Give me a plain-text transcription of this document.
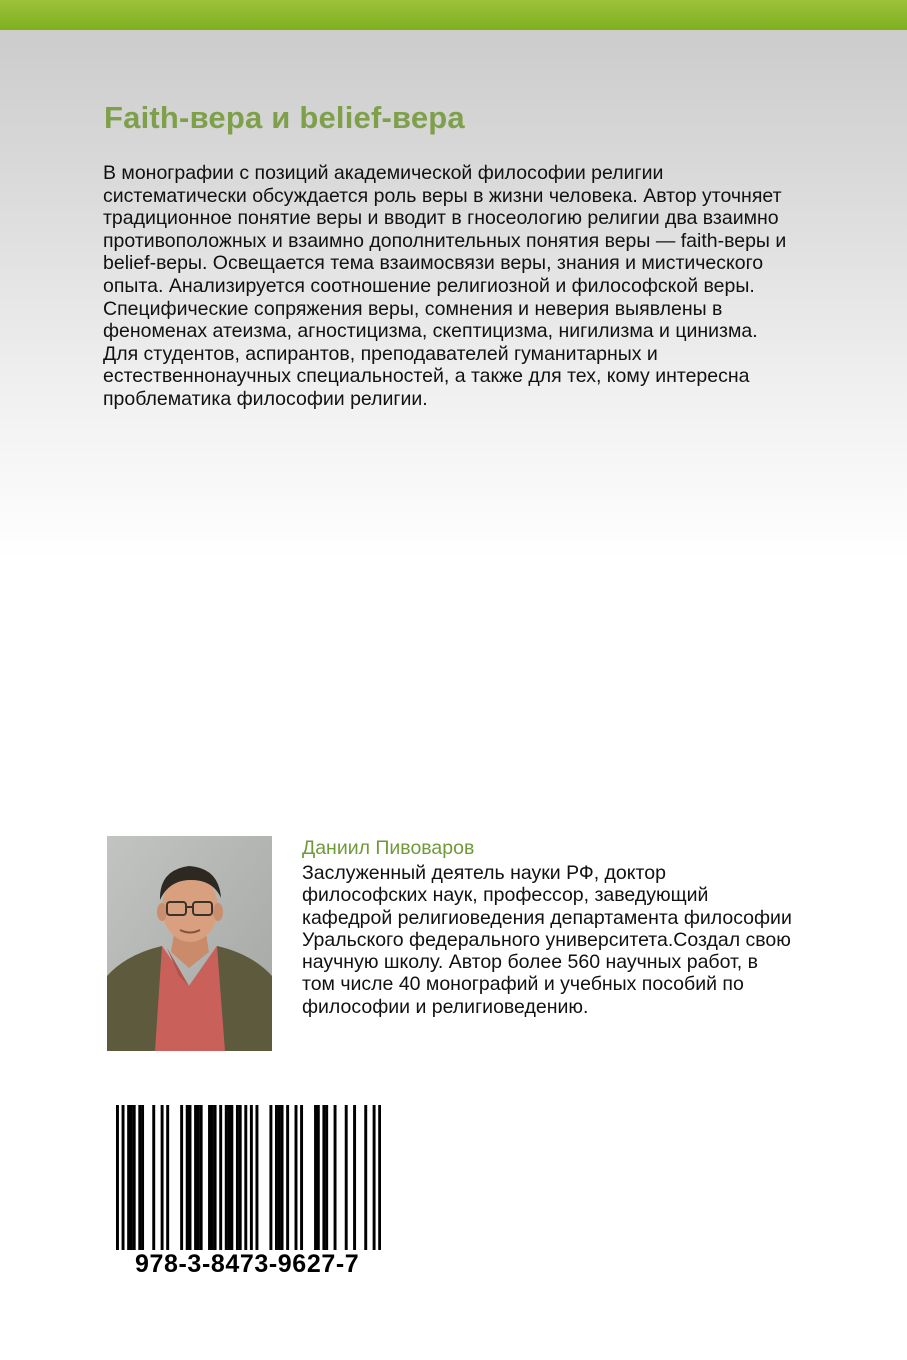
Faith-вера и belief-вера
В монографии с позиций академической философии религии
систематически обсуждается роль веры в жизни человека. Автор уточняет
традиционное понятие веры и вводит в гносеологию религии два взаимно
противоположных и взаимно дополнительных понятия веры — faith-веры и
belief-веры. Освещается тема взаимосвязи веры, знания и мистического
опыта. Анализируется соотношение религиозной и философской веры.
Специфические сопряжения веры, сомнения и неверия выявлены в
феноменах атеизма, агностицизма, скептицизма, нигилизма и цинизма.
Для студентов, аспирантов, преподавателей гуманитарных и
естественнонаучных специальностей, а также для тех, кому интересна
проблематика философии религии.
Даниил Пивоваров
Заслуженный деятель науки РФ, доктор
философских наук, профессор, заведующий
кафедрой религиоведения департамента философии
Уральского федерального университета.Создал свою
научную школу. Автор более 560 научных работ, в
том числе 40 монографий и учебных пособий по
философии и религиоведению.
978-3-8473-9627-7
